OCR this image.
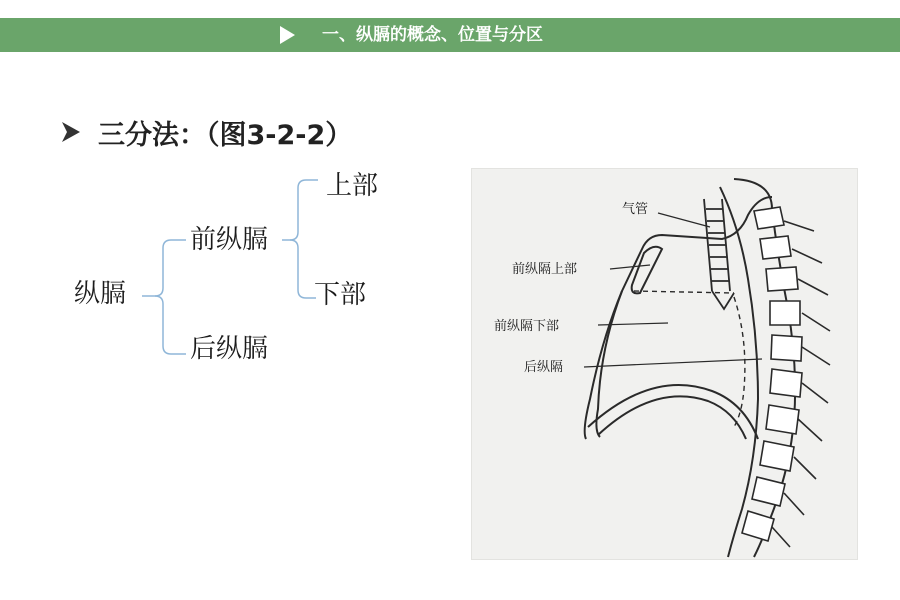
一、纵膈的概念、位置与分区
三分法：（图3-2-2）
纵膈
前纵膈
后纵膈
上部
下部
气管
前纵隔上部
前纵隔下部
后纵隔
